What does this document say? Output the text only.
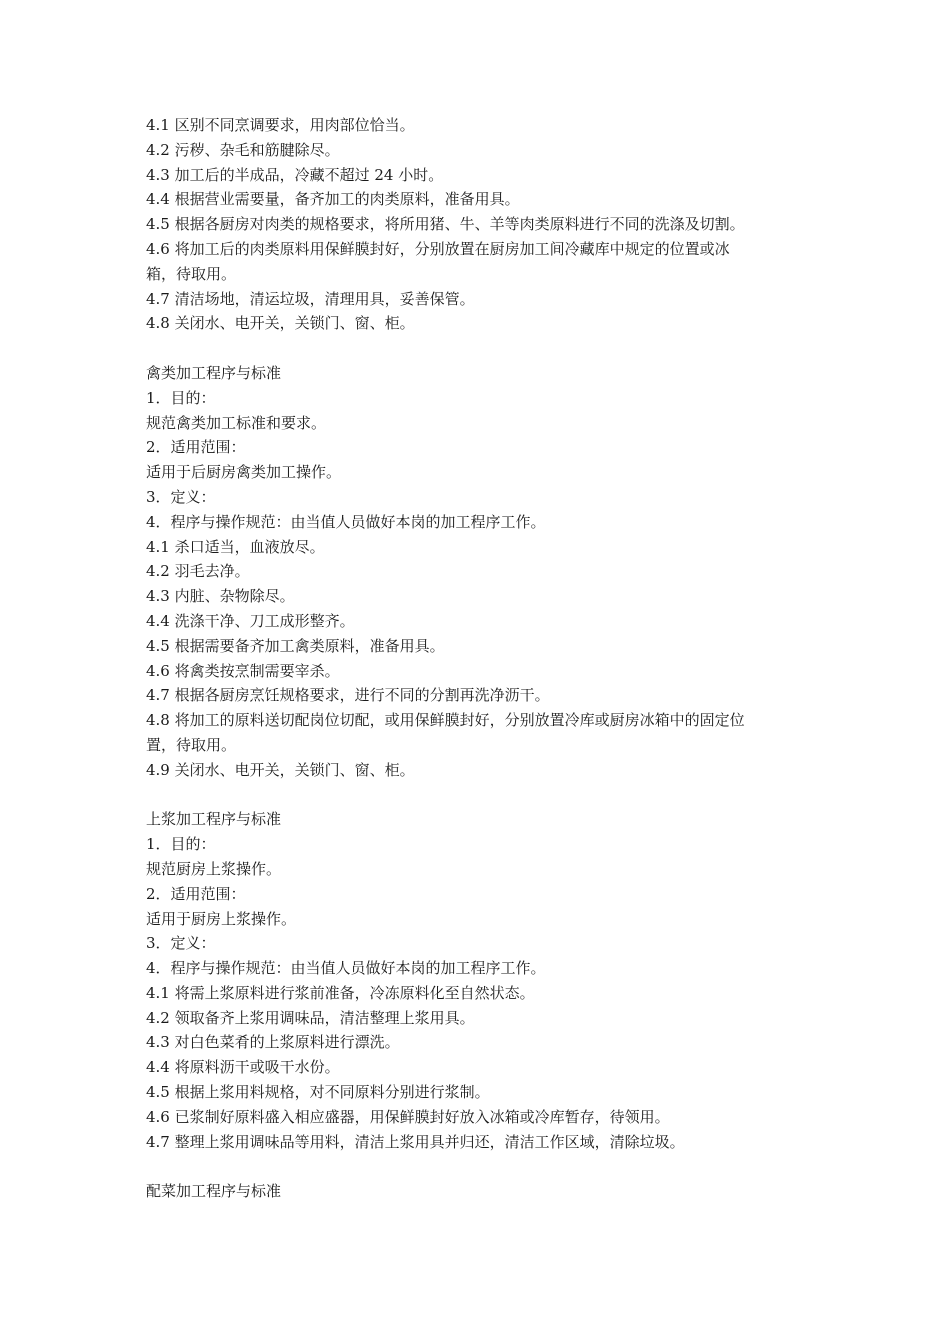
4.1 区别不同烹调要求，用肉部位恰当。
4.2 污秽、杂毛和筋腱除尽。
4.3 加工后的半成品，冷藏不超过 24 小时。
4.4 根据营业需要量，备齐加工的肉类原料，准备用具。
4.5 根据各厨房对肉类的规格要求，将所用猪、牛、羊等肉类原料进行不同的洗涤及切割。
4.6 将加工后的肉类原料用保鲜膜封好，分别放置在厨房加工间冷藏库中规定的位置或冰
箱，待取用。
4.7 清洁场地，清运垃圾，清理用具，妥善保管。
4.8 关闭水、电开关，关锁门、窗、柜。
禽类加工程序与标准
1．目的：
规范禽类加工标准和要求。
2．适用范围：
适用于后厨房禽类加工操作。
3．定义：
4．程序与操作规范：由当值人员做好本岗的加工程序工作。
4.1 杀口适当，血液放尽。
4.2 羽毛去净。
4.3 内脏、杂物除尽。
4.4 洗涤干净、刀工成形整齐。
4.5 根据需要备齐加工禽类原料，准备用具。
4.6 将禽类按烹制需要宰杀。
4.7 根据各厨房烹饪规格要求，进行不同的分割再洗净沥干。
4.8 将加工的原料送切配岗位切配，或用保鲜膜封好，分别放置冷库或厨房冰箱中的固定位
置，待取用。
4.9 关闭水、电开关，关锁门、窗、柜。
上浆加工程序与标准
1．目的：
规范厨房上浆操作。
2．适用范围：
适用于厨房上浆操作。
3．定义：
4．程序与操作规范：由当值人员做好本岗的加工程序工作。
4.1 将需上浆原料进行浆前准备，冷冻原料化至自然状态。
4.2 领取备齐上浆用调味品，清洁整理上浆用具。
4.3 对白色菜肴的上浆原料进行漂洗。
4.4 将原料沥干或吸干水份。
4.5 根据上浆用料规格，对不同原料分别进行浆制。
4.6 已浆制好原料盛入相应盛器，用保鲜膜封好放入冰箱或冷库暂存，待领用。
4.7 整理上浆用调味品等用料，清洁上浆用具并归还，清洁工作区域，清除垃圾。
配菜加工程序与标准
